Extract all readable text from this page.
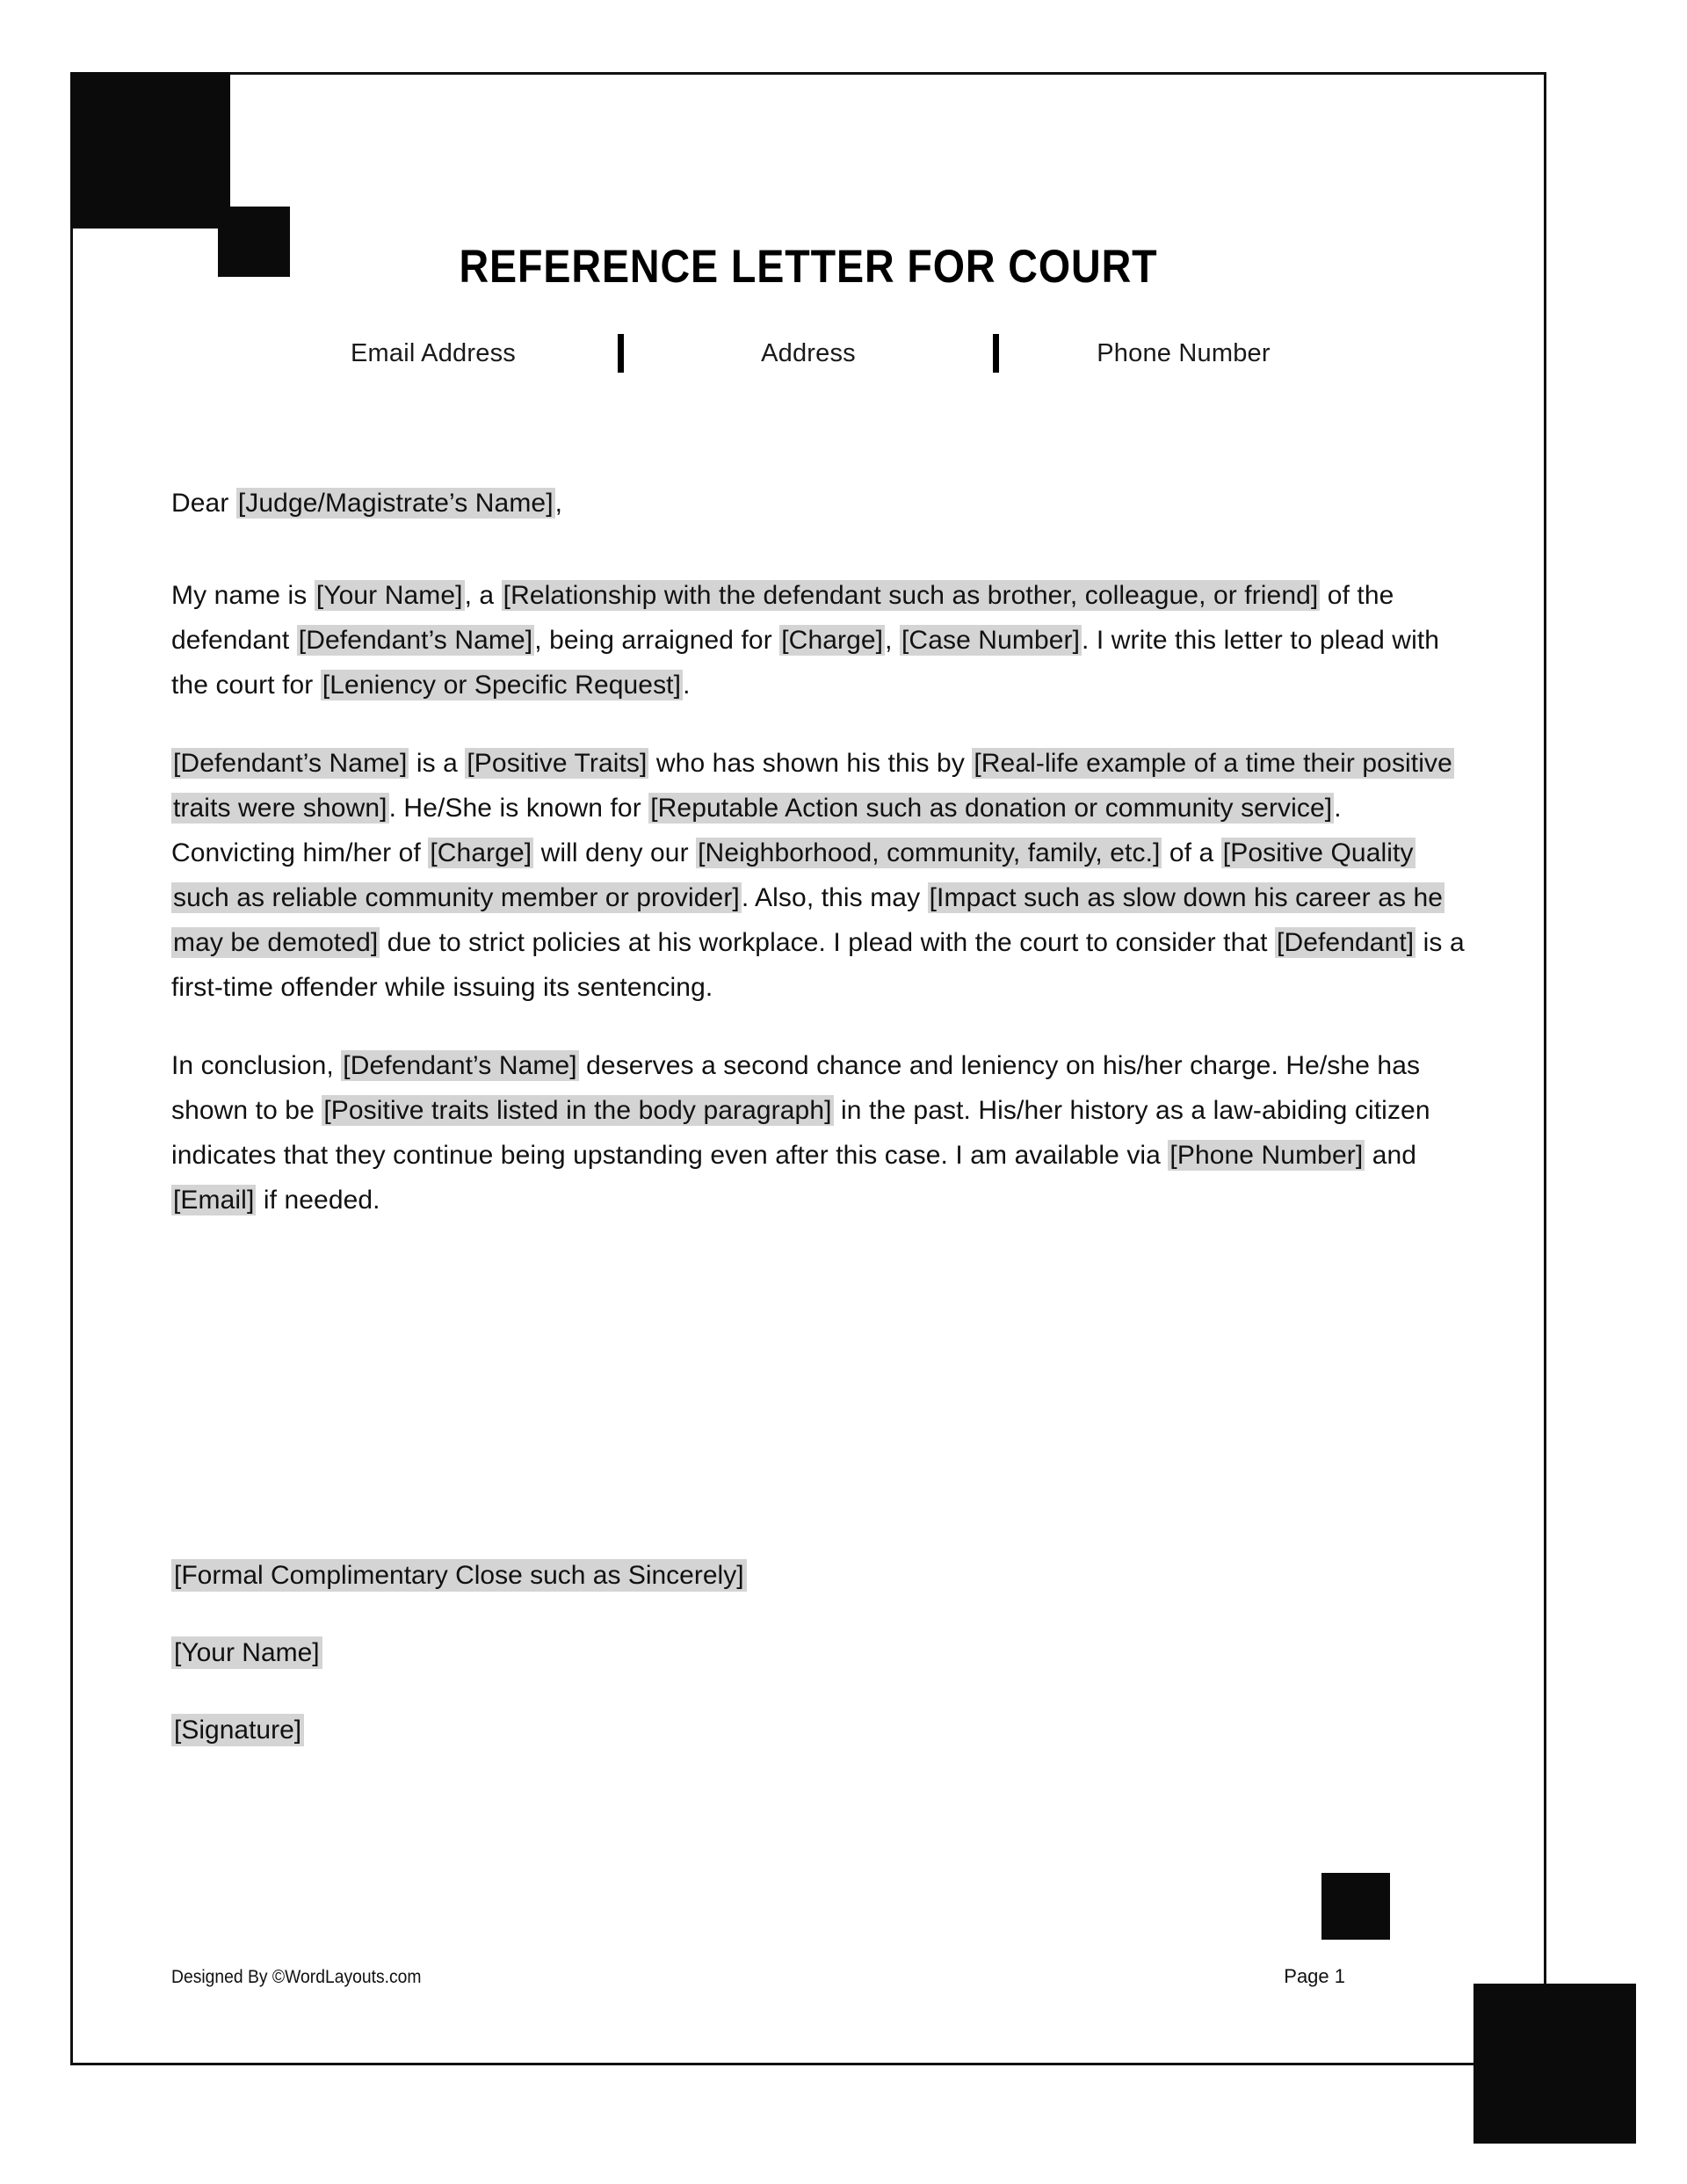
REFERENCE LETTER FOR COURT
Email Address	Address	Phone Number

Dear [Judge/Magistrate’s Name],

My name is [Your Name], a [Relationship with the defendant such as brother, colleague, or friend] of the defendant [Defendant’s Name], being arraigned for [Charge], [Case Number]. I write this letter to plead with the court for [Leniency or Specific Request].

[Defendant’s Name] is a [Positive Traits] who has shown his this by [Real-life example of a time their positive traits were shown]. He/She is known for [Reputable Action such as donation or community service]. Convicting him/her of [Charge] will deny our [Neighborhood, community, family, etc.] of a [Positive Quality such as reliable community member or provider]. Also, this may [Impact such as slow down his career as he may be demoted] due to strict policies at his workplace. I plead with the court to consider that [Defendant] is a first-time offender while issuing its sentencing.

In conclusion, [Defendant’s Name] deserves a second chance and leniency on his/her charge. He/she has shown to be [Positive traits listed in the body paragraph] in the past. His/her history as a law-abiding citizen indicates that they continue being upstanding even after this case. I am available via [Phone Number] and [Email] if needed.

[Formal Complimentary Close such as Sincerely]
[Your Name]
[Signature]
Designed By ©WordLayouts.com	Page 1
